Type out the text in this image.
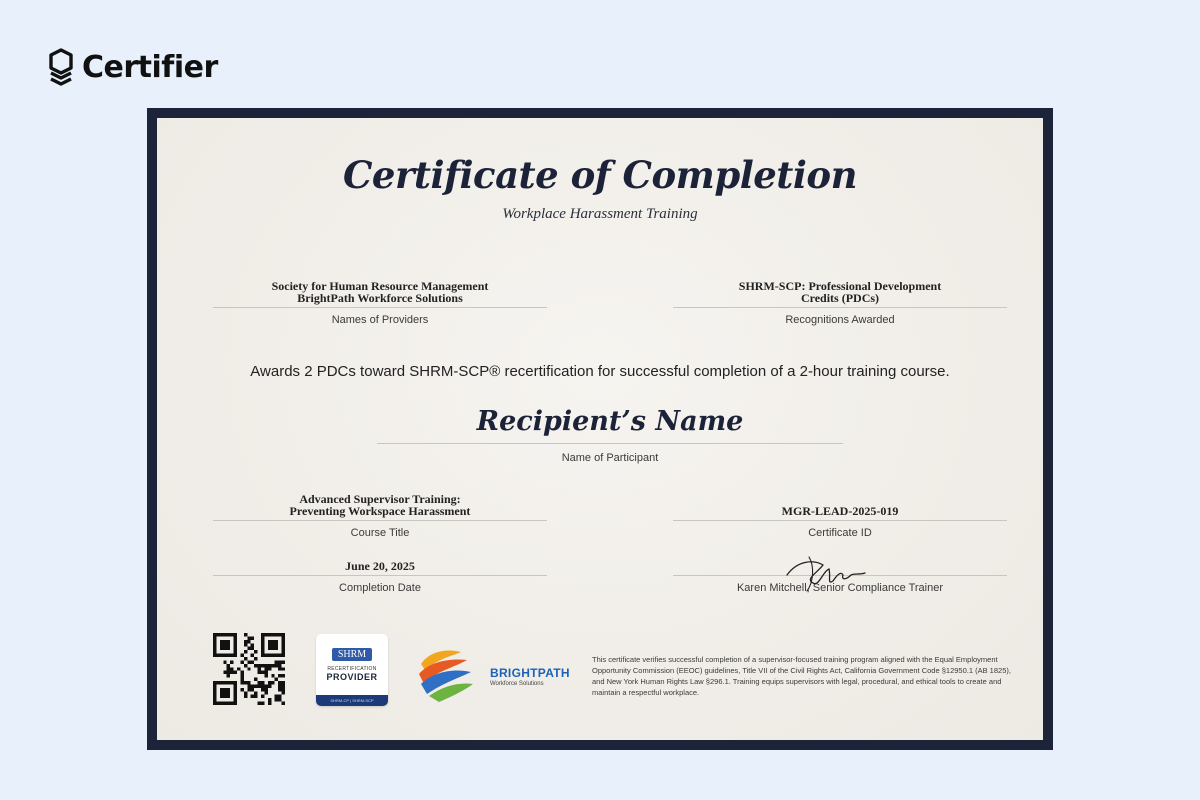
Certifier
Certificate of Completion
Workplace Harassment Training
Society for Human Resource Management
BrightPath Workforce Solutions
Names of Providers
SHRM-SCP: Professional Development
Credits (PDCs)
Recognitions Awarded
Awards 2 PDCs toward SHRM-SCP® recertification for successful completion of a 2-hour training course.
Recipient’s Name
Name of Participant
Advanced Supervisor Training:
Preventing Workspace Harassment
Course Title
MGR-LEAD-2025-019
Certificate ID
June 20, 2025
Completion Date	Karen Mitchell, Senior Compliance Trainer
SHRM
RECERTIFICATION
PROVIDER
SHRM-CP | SHRM-SCP
BRIGHTPATH
Workforce Solutions
This certificate verifies successful completion of a supervisor-focused training program aligned with the Equal Employment Opportunity Commission (EEOC) guidelines, Title VII of the Civil Rights Act, California Government Code §12950.1 (AB 1825), and New York Human Rights Law §296.1. Training equips supervisors with legal, procedural, and ethical tools to create and maintain a respectful workplace.
